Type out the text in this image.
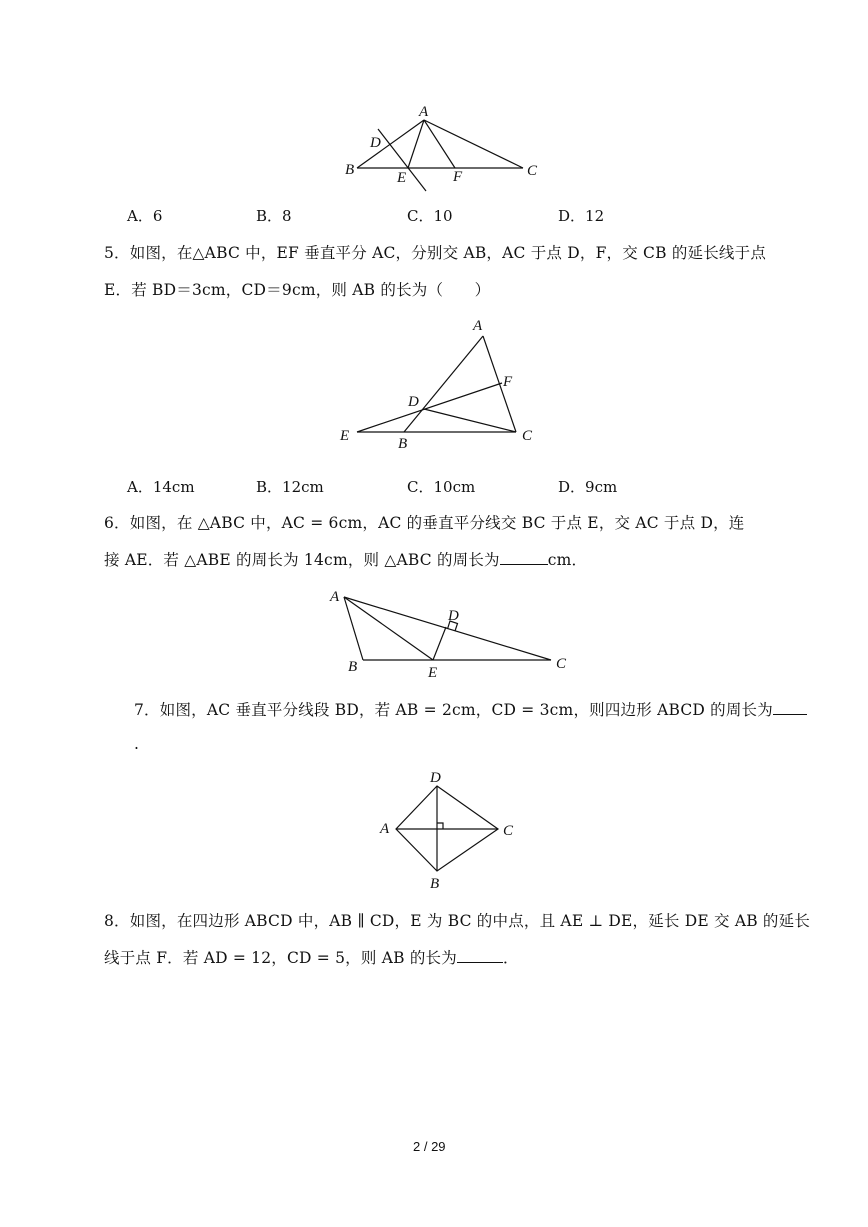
A
D
B	E	F	C
A．6	B．8	C．10	D．12
5．如图，在△ABC 中，EF 垂直平分 AC，分别交 AB，AC 于点 D，F，交 CB 的延长线于点
E．若 BD＝3cm，CD＝9cm，则 AB 的长为（　　）
A
F
D
E	B	C
A．14cm	B．12cm	C．10cm	D．9cm
6．如图，在 △ABC 中，AC = 6cm，AC 的垂直平分线交 BC 于点 E，交 AC 于点 D，连
接 AE．若 △ABE 的周长为 14cm，则 △ABC 的周长为	cm．
A
D
B	E
C
7．如图，AC 垂直平分线段 BD，若 AB = 2cm，CD = 3cm，则四边形 ABCD 的周长为
.
D
A	C
B
8．如图，在四边形 ABCD 中，AB ∥ CD，E 为 BC 的中点，且 AE ⊥ DE，延长 DE 交 AB 的延长
线于点 F．若 AD = 12，CD = 5，则 AB 的长为	．
2 / 29
